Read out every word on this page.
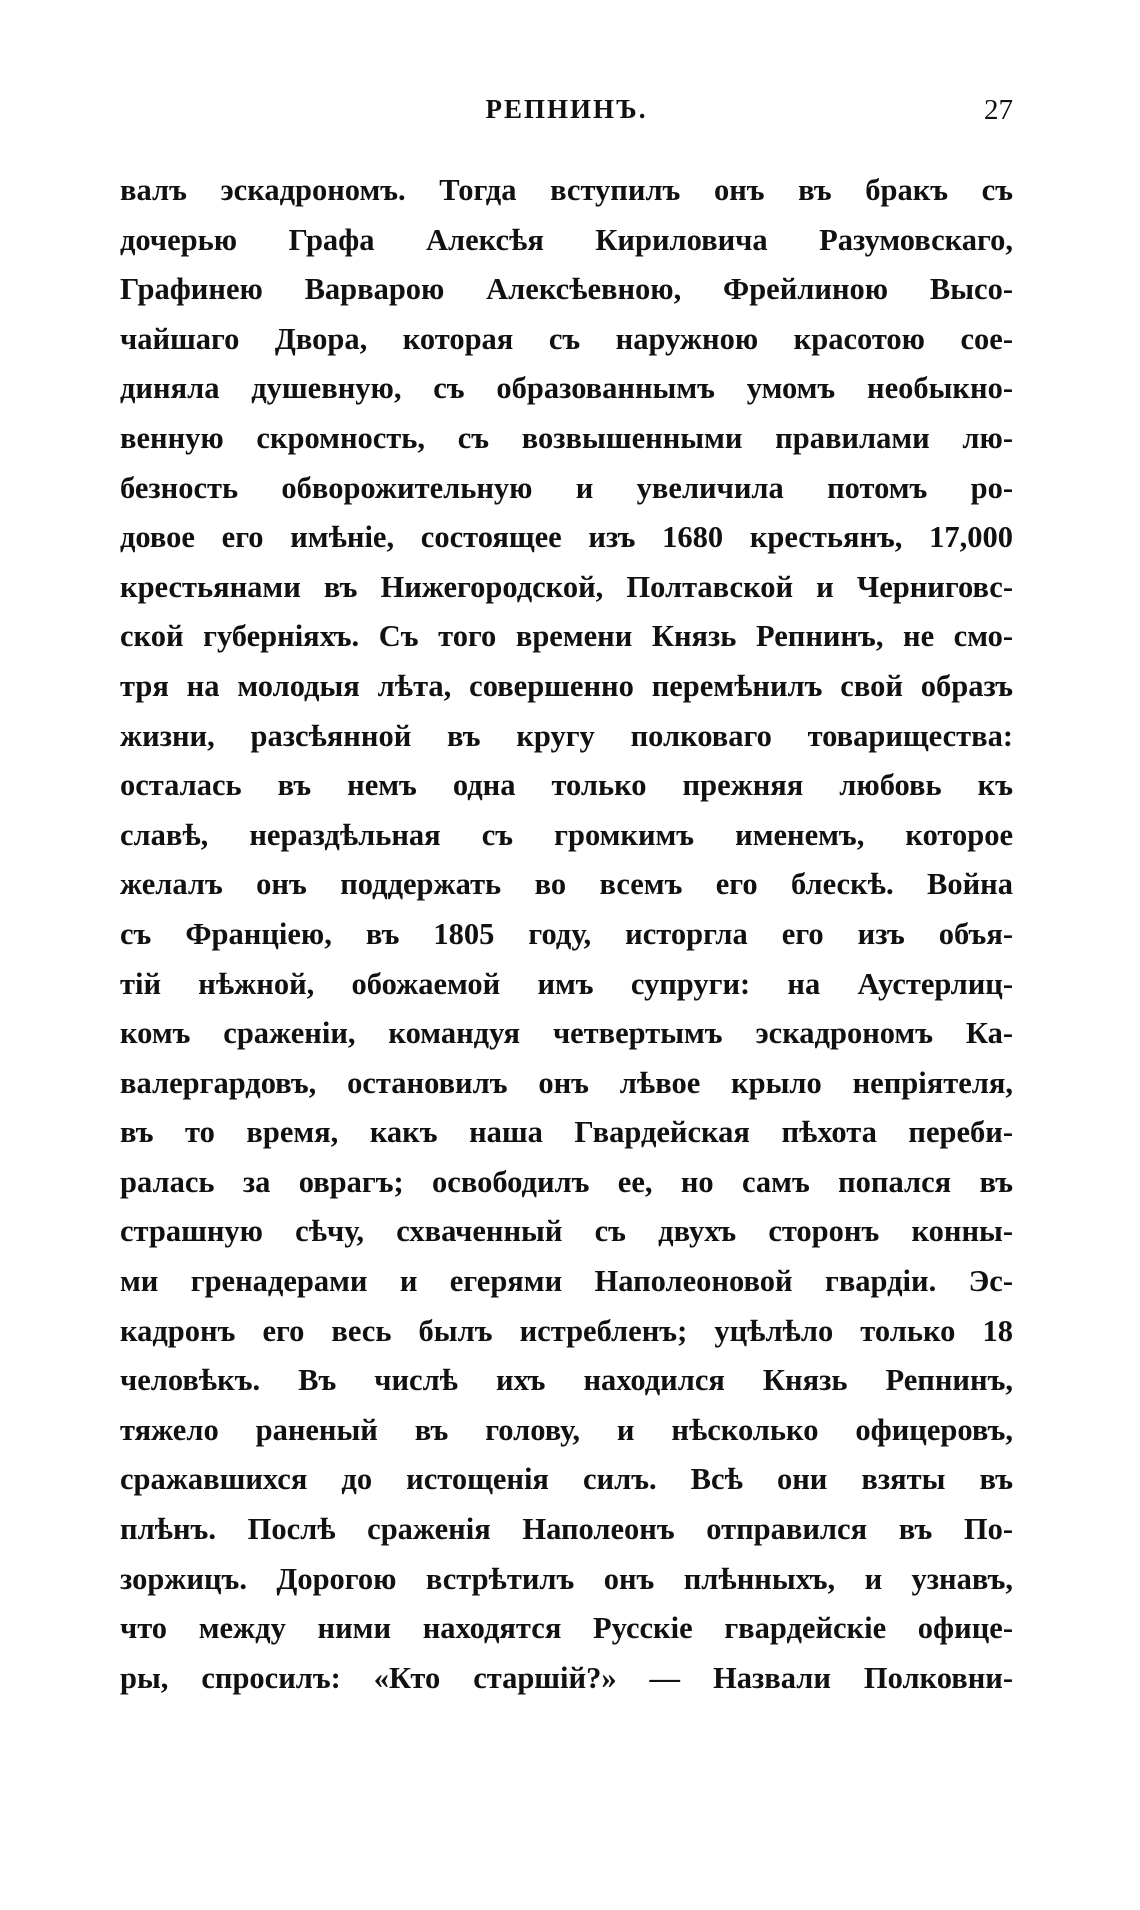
РЕПНИНЪ.	27
валъ эскадрономъ. Тогда вступилъ онъ въ бракъ съ
дочерью Графа Алексѣя Кириловича Разумовскаго,
Графинею Варварою Алексѣевною, Фрейлиною Высо-
чайшаго Двора, которая съ наружною красотою сое-
диняла душевную, съ образованнымъ умомъ необыкно-
венную скромность, съ возвышенными правилами лю-
безность обворожительную и увеличила потомъ ро-
довое его имѣніе, состоящее изъ 1680 крестьянъ, 17,000
крестьянами въ Нижегородской, Полтавской и Черниговс-
ской губерніяхъ. Съ того времени Князь Репнинъ, не смо-
тря на молодыя лѣта, совершенно перемѣнилъ свой образъ
жизни, разсѣянной въ кругу полковаго товарищества:
осталась въ немъ одна только прежняя любовь къ
славѣ, нераздѣльная съ громкимъ именемъ, которое
желалъ онъ поддержать во всемъ его блескѣ. Война
съ Франціею, въ 1805 году, исторгла его изъ объя-
тій нѣжной, обожаемой имъ супруги: на Аустерлиц-
комъ сраженіи, командуя четвертымъ эскадрономъ Ка-
валергардовъ, остановилъ онъ лѣвое крыло непріятеля,
въ то время, какъ наша Гвардейская пѣхота переби-
ралась за оврагъ; освободилъ ее, но самъ попался въ
страшную сѣчу, схваченный съ двухъ сторонъ конны-
ми гренадерами и егерями Наполеоновой гвардіи. Эс-
кадронъ его весь былъ истребленъ; уцѣлѣло только 18
человѣкъ. Въ числѣ ихъ находился Князь Репнинъ,
тяжело раненый въ голову, и нѣсколько офицеровъ,
сражавшихся до истощенія силъ. Всѣ они взяты въ
плѣнъ. Послѣ сраженія Наполеонъ отправился въ По-
зоржицъ. Дорогою встрѣтилъ онъ плѣнныхъ, и узнавъ,
что между ними находятся Русскіе гвардейскіе офице-
ры, спросилъ: «Кто старшій?» — Назвали Полковни-
